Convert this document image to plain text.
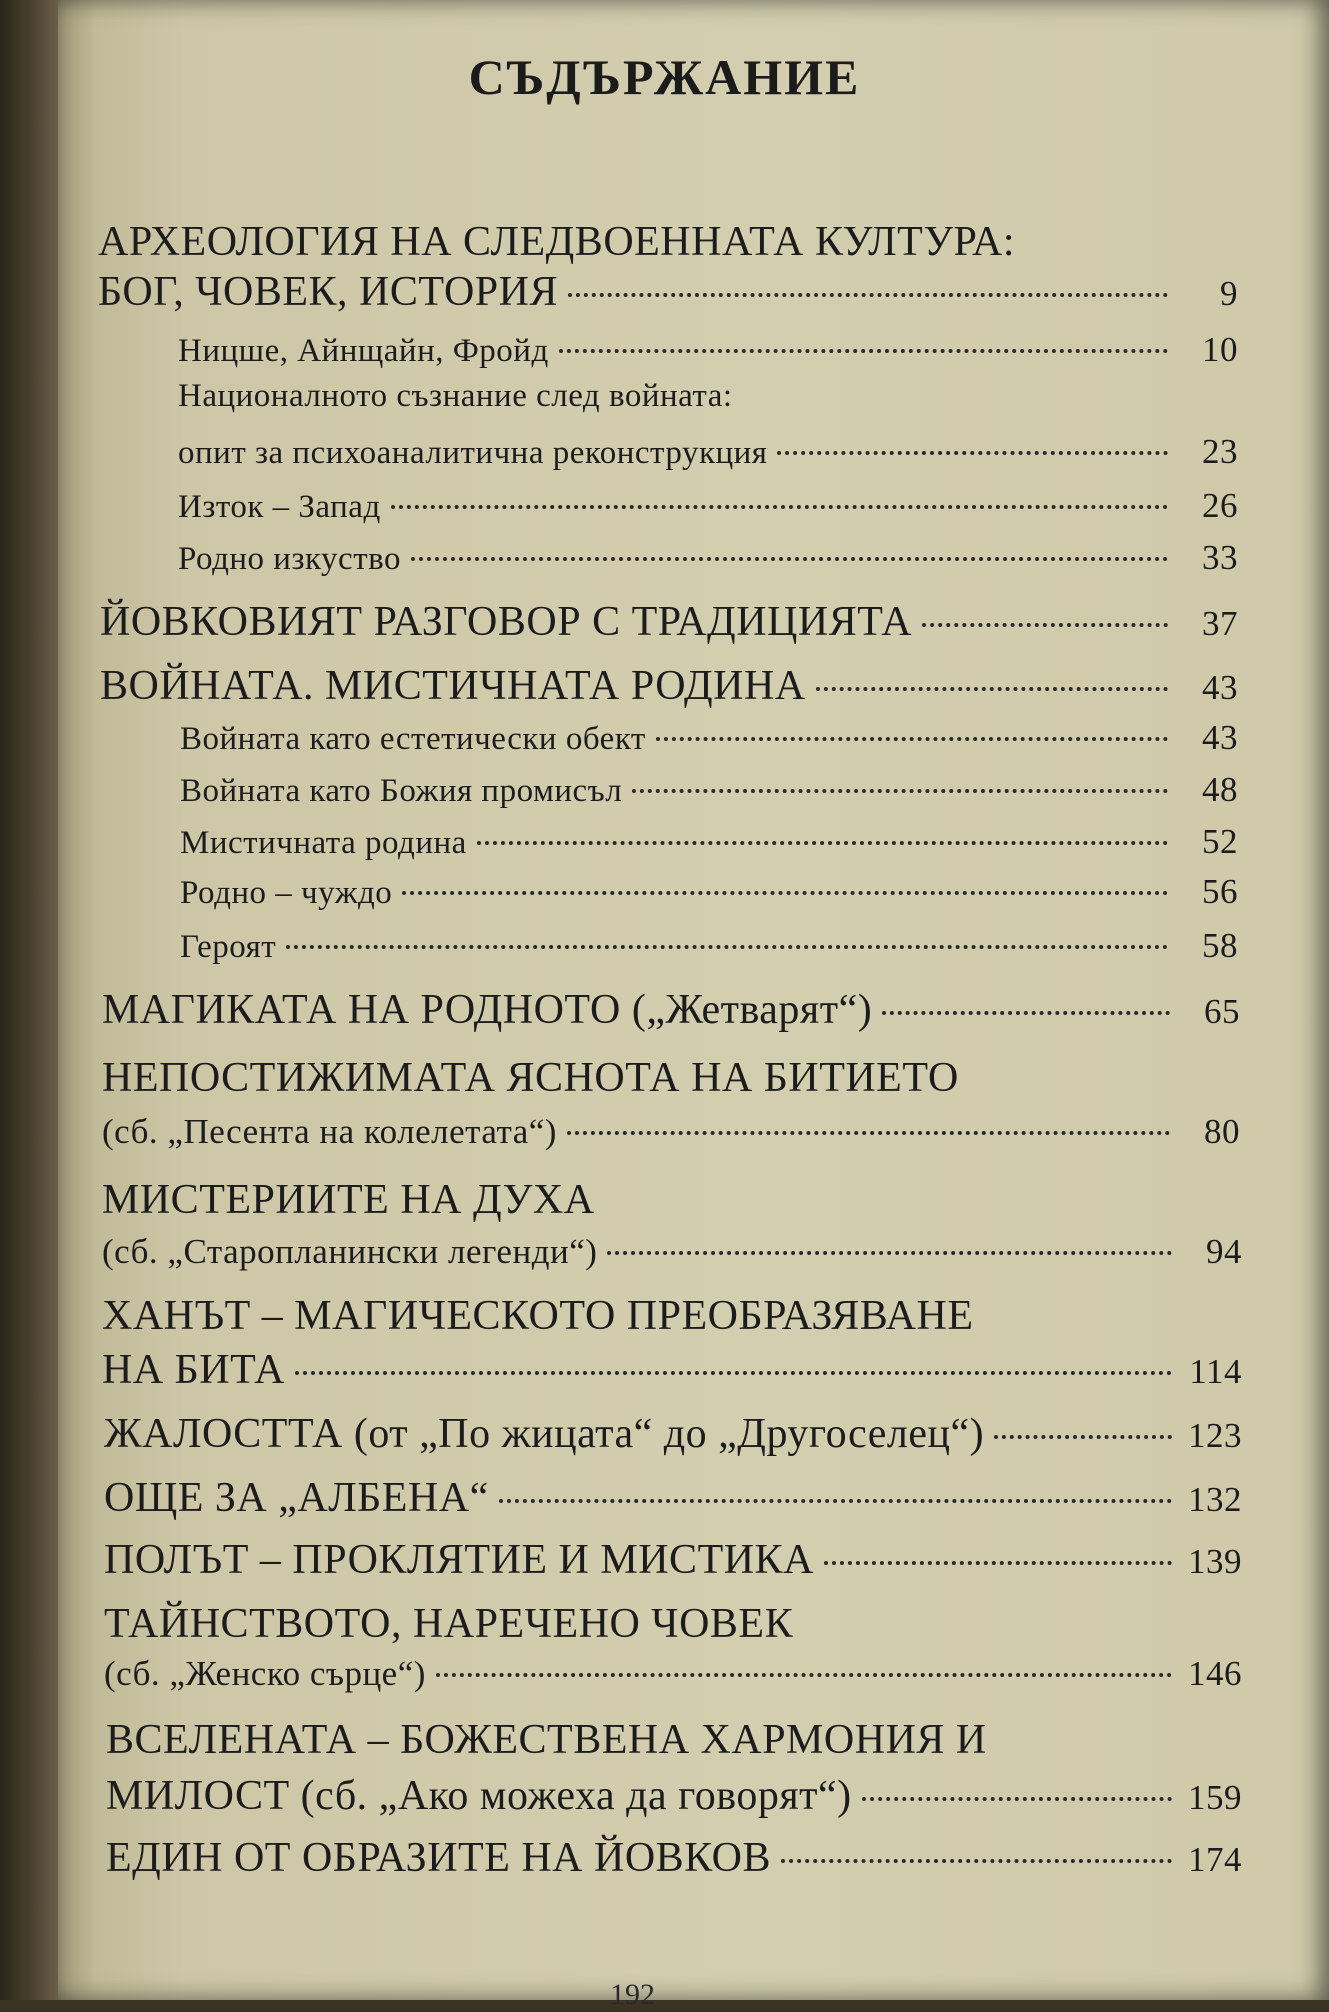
СЪДЪРЖАНИЕ
АРХЕОЛОГИЯ НА СЛЕДВОЕННАТА КУЛТУРА:
БОГ, ЧОВЕК, ИСТОРИЯ	9
Ницше, Айнщайн, Фройд	10
Националното съзнание след войната:
опит за психоаналитична реконструкция	23
Изток – Запад	26
Родно изкуство	33
ЙОВКОВИЯТ РАЗГОВОР С ТРАДИЦИЯТА	37
ВОЙНАТА. МИСТИЧНАТА РОДИНА	43
Войната като естетически обект	43
Войната като Божия промисъл	48
Мистичната родина	52
Родно – чуждо	56
Героят	58
МАГИКАТА НА РОДНОТО („Жетварят“)	65
НЕПОСТИЖИМАТА ЯСНОТА НА БИТИЕТО
(сб. „Песента на колелетата“)	80
МИСТЕРИИТЕ НА ДУХА
(сб. „Старопланински легенди“)	94
ХАНЪТ – МАГИЧЕСКОТО ПРЕОБРАЗЯВАНЕ
НА БИТА	114
ЖАЛОСТТА (от „По жицата“ до „Другоселец“)	123
ОЩЕ ЗА „АЛБЕНА“	132
ПОЛЪТ – ПРОКЛЯТИЕ И МИСТИКА	139
ТАЙНСТВОТО, НАРЕЧЕНО ЧОВЕК
(сб. „Женско сърце“)	146
ВСЕЛЕНАТА – БОЖЕСТВЕНА ХАРМОНИЯ И
МИЛОСТ (сб. „Ако можеха да говорят“)	159
ЕДИН ОТ ОБРАЗИТЕ НА ЙОВКОВ	174
192
